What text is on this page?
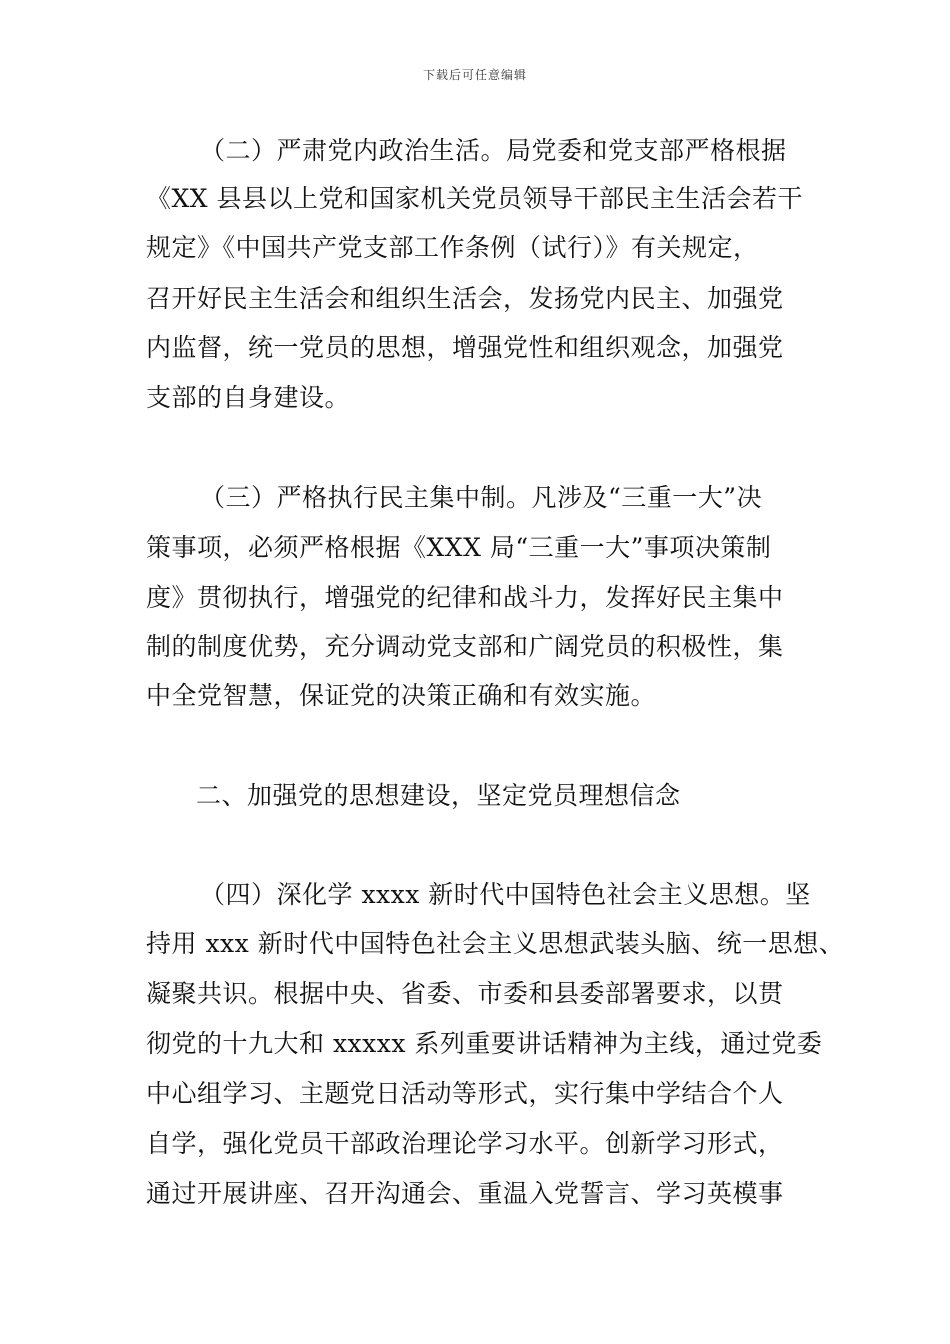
下载后可任意编辑
（二）严肃党内政治生活。局党委和党支部严格根据
《XX 县县以上党和国家机关党员领导干部民主生活会若干
规定》《中国共产党支部工作条例（试行）》有关规定，
召开好民主生活会和组织生活会，发扬党内民主、加强党
内监督，统一党员的思想，增强党性和组织观念，加强党
支部的自身建设。
（三）严格执行民主集中制。凡涉及“三重一大”决
策事项，必须严格根据《XXX 局“三重一大”事项决策制
度》贯彻执行，增强党的纪律和战斗力，发挥好民主集中
制的制度优势，充分调动党支部和广阔党员的积极性，集
中全党智慧，保证党的决策正确和有效实施。
二、加强党的思想建设，坚定党员理想信念
（四）深化学 xxxx 新时代中国特色社会主义思想。坚
持用 xxx 新时代中国特色社会主义思想武装头脑、统一思想、
凝聚共识。根据中央、省委、市委和县委部署要求，以贯
彻党的十九大和 xxxxx 系列重要讲话精神为主线，通过党委
中心组学习、主题党日活动等形式，实行集中学结合个人
自学，强化党员干部政治理论学习水平。创新学习形式，
通过开展讲座、召开沟通会、重温入党誓言、学习英模事
